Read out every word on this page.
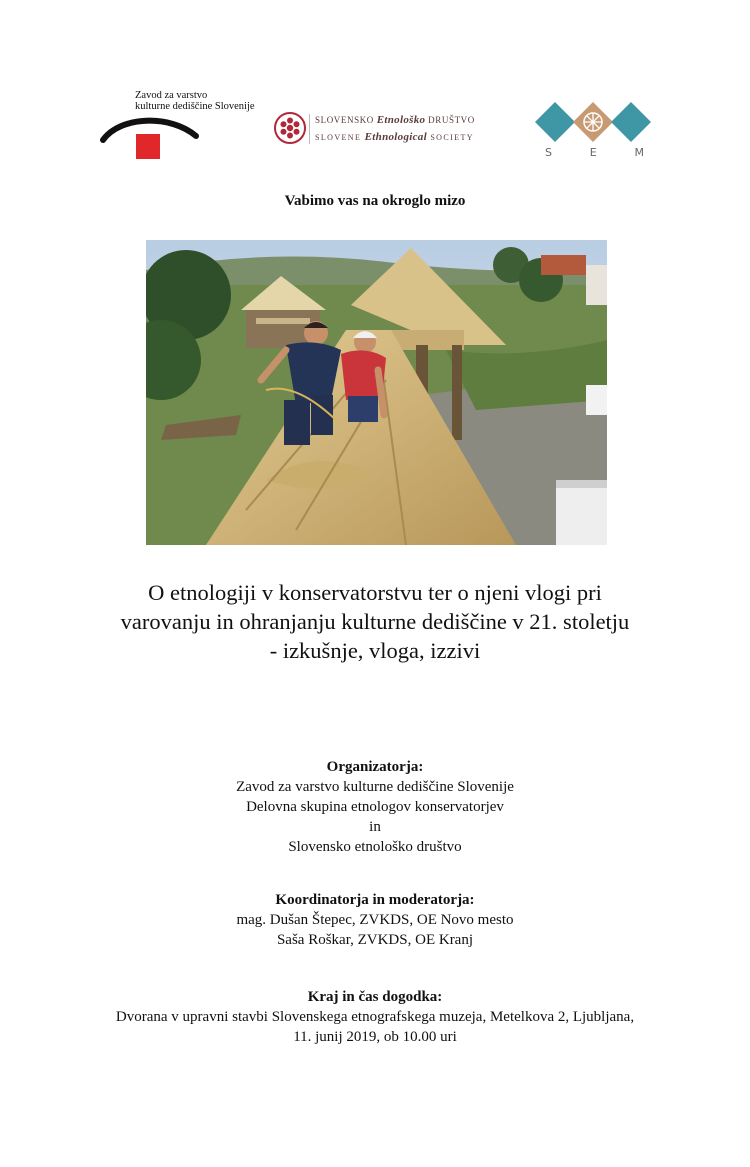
Zavod za varstvo
kulturne dediščine Slovenije
SLOVENSKO Etnološko DRUŠTVO
SLOVENE Ethnological SOCIETY
S	E	M
Vabimo vas na okroglo mizo
O etnologiji v konservatorstvu ter o njeni vlogi pri
varovanju in ohranjanju kulturne dediščine v 21. stoletju
- izkušnje, vloga, izzivi
Organizatorja:
Zavod za varstvo kulturne dediščine Slovenije
Delovna skupina etnologov konservatorjev
in
Slovensko etnološko društvo
Koordinatorja in moderatorja:
mag. Dušan Štepec, ZVKDS, OE Novo mesto
Saša Roškar, ZVKDS, OE Kranj
Kraj in čas dogodka:
Dvorana v upravni stavbi Slovenskega etnografskega muzeja, Metelkova 2, Ljubljana,
11. junij 2019, ob 10.00 uri
